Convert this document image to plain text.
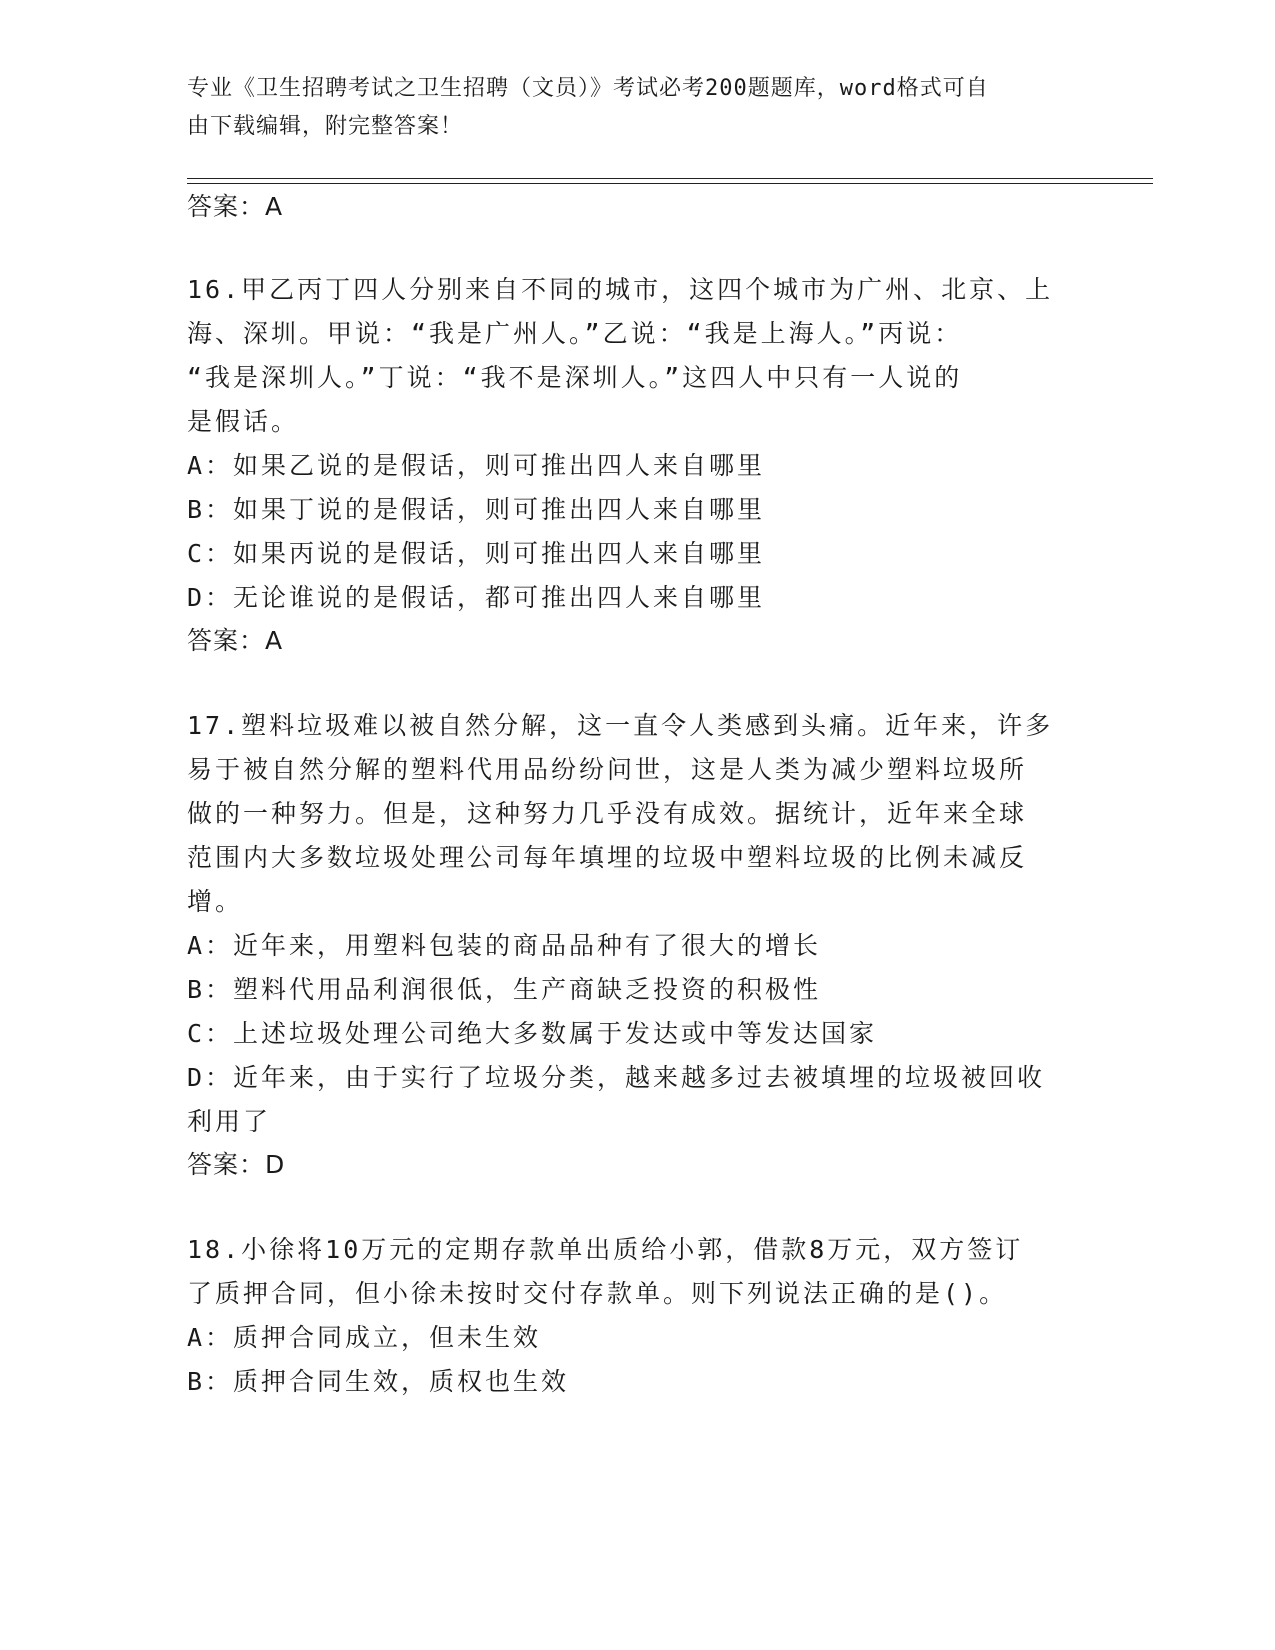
专业《卫生招聘考试之卫生招聘（文员）》考试必考200题题库，word格式可自
由下载编辑，附完整答案！
答案：A
16.甲乙丙丁四人分别来自不同的城市，这四个城市为广州、北京、上
海、深圳。甲说：“我是广州人。”乙说：“我是上海人。”丙说：
“我是深圳人。”丁说：“我不是深圳人。”这四人中只有一人说的
是假话。
A：如果乙说的是假话，则可推出四人来自哪里
B：如果丁说的是假话，则可推出四人来自哪里
C：如果丙说的是假话，则可推出四人来自哪里
D：无论谁说的是假话，都可推出四人来自哪里
答案：A
17.塑料垃圾难以被自然分解，这一直令人类感到头痛。近年来，许多
易于被自然分解的塑料代用品纷纷问世，这是人类为减少塑料垃圾所
做的一种努力。但是，这种努力几乎没有成效。据统计，近年来全球
范围内大多数垃圾处理公司每年填埋的垃圾中塑料垃圾的比例未减反
增。
A：近年来，用塑料包装的商品品种有了很大的增长
B：塑料代用品利润很低，生产商缺乏投资的积极性
C：上述垃圾处理公司绝大多数属于发达或中等发达国家
D：近年来，由于实行了垃圾分类，越来越多过去被填埋的垃圾被回收
利用了
答案：D
18.小徐将10万元的定期存款单出质给小郭，借款8万元，双方签订
了质押合同，但小徐未按时交付存款单。则下列说法正确的是()。
A：质押合同成立，但未生效
B：质押合同生效，质权也生效
